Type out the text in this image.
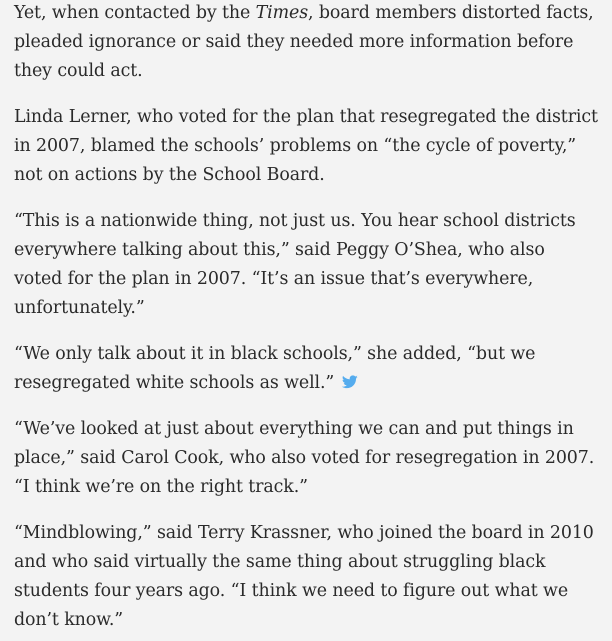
Yet, when contacted by the Times, board members distorted facts, pleaded ignorance or said they needed more information before they could act.

Linda Lerner, who voted for the plan that resegregated the district in 2007, blamed the schools’ problems on “the cycle of poverty,” not on actions by the School Board.

“This is a nationwide thing, not just us. You hear school districts everywhere talking about this,” said Peggy O’Shea, who also voted for the plan in 2007. “It’s an issue that’s everywhere, unfortunately.”

“We only talk about it in black schools,” she added, “but we resegregated white schools as well.”

“We’ve looked at just about everything we can and put things in place,” said Carol Cook, who also voted for resegregation in 2007. “I think we’re on the right track.”

“Mindblowing,” said Terry Krassner, who joined the board in 2010 and who said virtually the same thing about struggling black students four years ago. “I think we need to figure out what we don’t know.”
